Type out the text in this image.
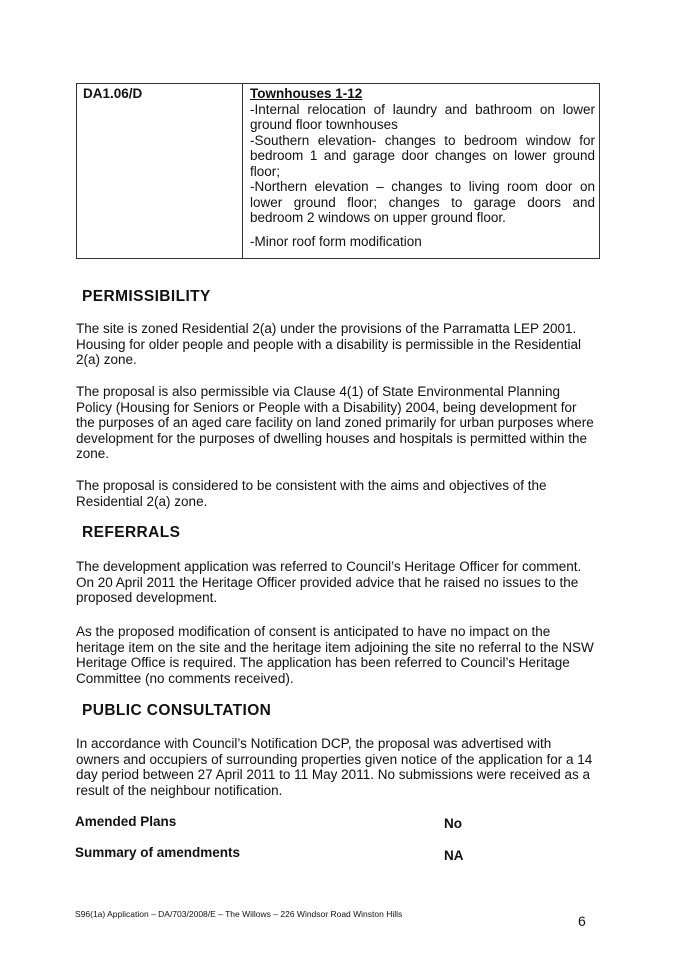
DA1.06/D	Townhouses 1-12
-Internal relocation of laundry and bathroom on lower ground floor townhouses
-Southern elevation- changes to bedroom window for bedroom 1 and garage door changes on lower ground floor;
-Northern elevation – changes to living room door on lower ground floor; changes to garage doors and bedroom 2 windows on upper ground floor.
-Minor roof form modification
PERMISSIBILITY
The site is zoned Residential 2(a) under the provisions of the Parramatta LEP 2001. Housing for older people and people with a disability is permissible in the Residential 2(a) zone.
The proposal is also permissible via Clause 4(1) of State Environmental Planning Policy (Housing for Seniors or People with a Disability) 2004, being development for the purposes of an aged care facility on land zoned primarily for urban purposes where development for the purposes of dwelling houses and hospitals is permitted within the zone.
The proposal is considered to be consistent with the aims and objectives of the Residential 2(a) zone.
REFERRALS
The development application was referred to Council’s Heritage Officer for comment. On 20 April 2011 the Heritage Officer provided advice that he raised no issues to the proposed development.
As the proposed modification of consent is anticipated to have no impact on the heritage item on the site and the heritage item adjoining the site no referral to the NSW Heritage Office is required. The application has been referred to Council’s Heritage Committee (no comments received).
PUBLIC CONSULTATION
In accordance with Council’s Notification DCP, the proposal was advertised with owners and occupiers of surrounding properties given notice of the application for a 14 day period between 27 April 2011 to 11 May 2011. No submissions were received as a result of the neighbour notification.
Amended Plans	No
Summary of amendments	NA
S96(1a) Application – DA/703/2008/E – The Willows – 226 Windsor Road Winston Hills	6
